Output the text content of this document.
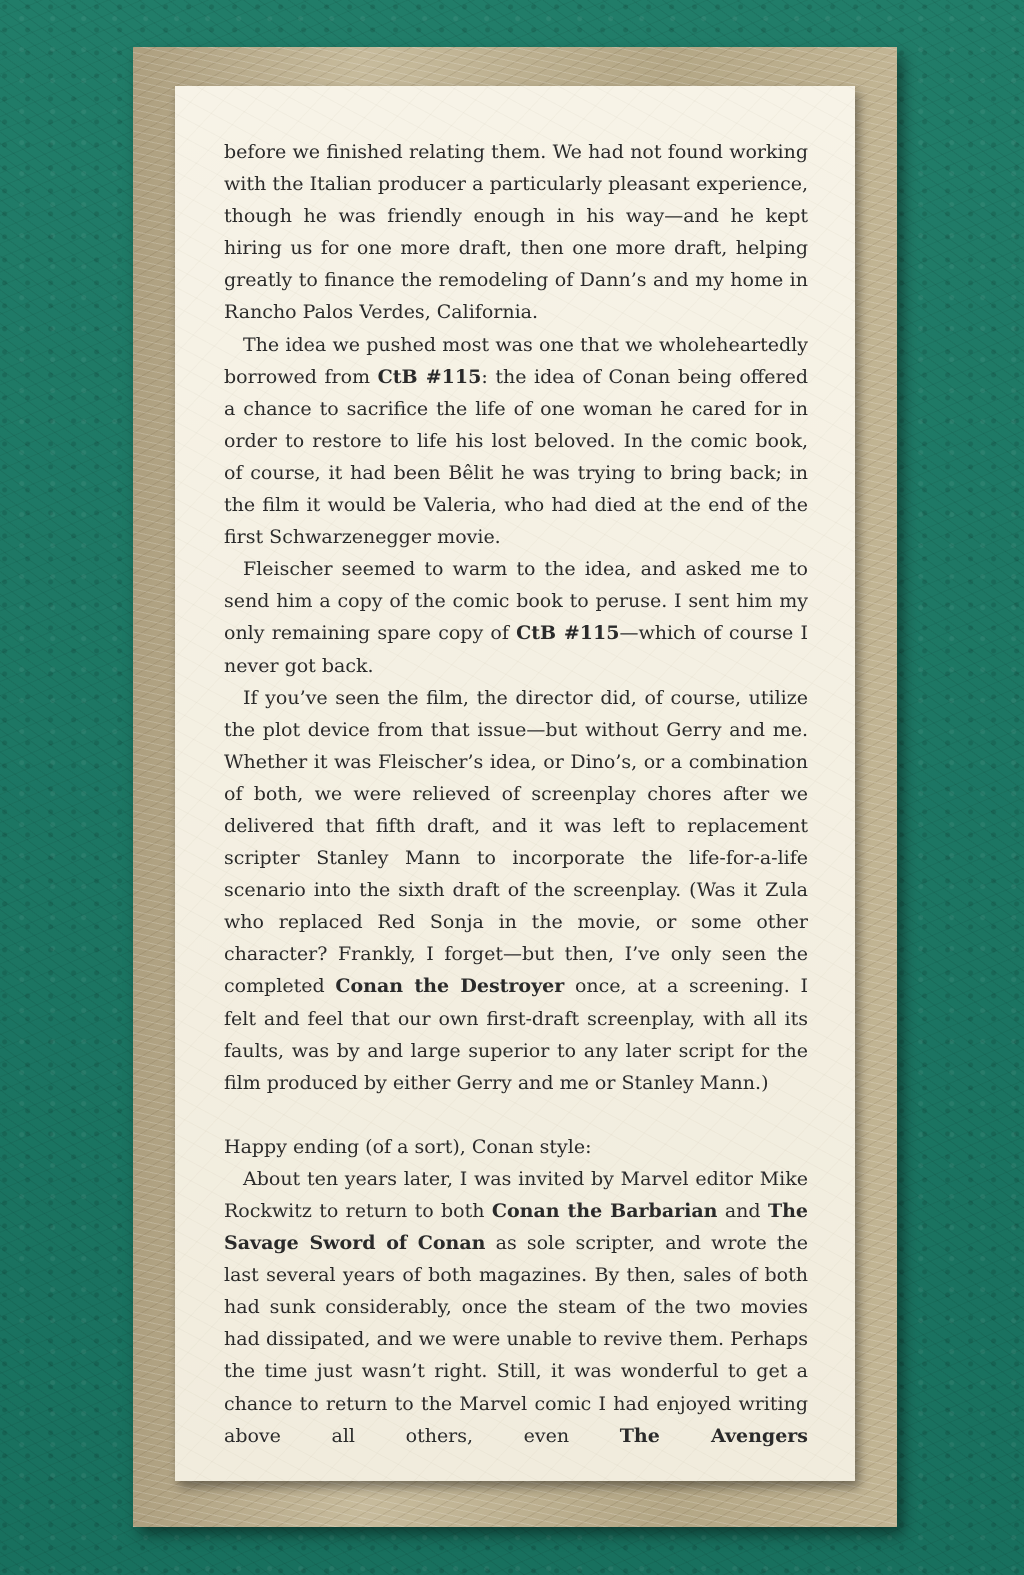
before we finished relating them. We had not found working with the Italian producer a particularly pleasant experience, though he was friendly enough in his way—and he kept hiring us for one more draft, then one more draft, helping greatly to finance the remodeling of Dann’s and my home in Rancho Palos Verdes, California.

The idea we pushed most was one that we wholeheartedly borrowed from CtB #115: the idea of Conan being offered a chance to sacrifice the life of one woman he cared for in order to restore to life his lost beloved. In the comic book, of course, it had been Bêlit he was trying to bring back; in the film it would be Valeria, who had died at the end of the first Schwarzenegger movie.

Fleischer seemed to warm to the idea, and asked me to send him a copy of the comic book to peruse. I sent him my only remaining spare copy of CtB #115—which of course I never got back.

If you’ve seen the film, the director did, of course, utilize the plot device from that issue—but without Gerry and me. Whether it was Fleischer’s idea, or Dino’s, or a combination of both, we were relieved of screenplay chores after we delivered that fifth draft, and it was left to replacement scripter Stanley Mann to incorporate the life-for-a-life scenario into the sixth draft of the screenplay. (Was it Zula who replaced Red Sonja in the movie, or some other character? Frankly, I forget—but then, I’ve only seen the completed Conan the Destroyer once, at a screening. I felt and feel that our own first-draft screenplay, with all its faults, was by and large superior to any later script for the film produced by either Gerry and me or Stanley Mann.)

Happy ending (of a sort), Conan style:

About ten years later, I was invited by Marvel editor Mike Rockwitz to return to both Conan the Barbarian and The Savage Sword of Conan as sole scripter, and wrote the last several years of both magazines. By then, sales of both had sunk considerably, once the steam of the two movies had dissipated, and we were unable to revive them. Perhaps the time just wasn’t right. Still, it was wonderful to get a chance to return to the Marvel comic I had enjoyed writing above all others, even The Avengers
